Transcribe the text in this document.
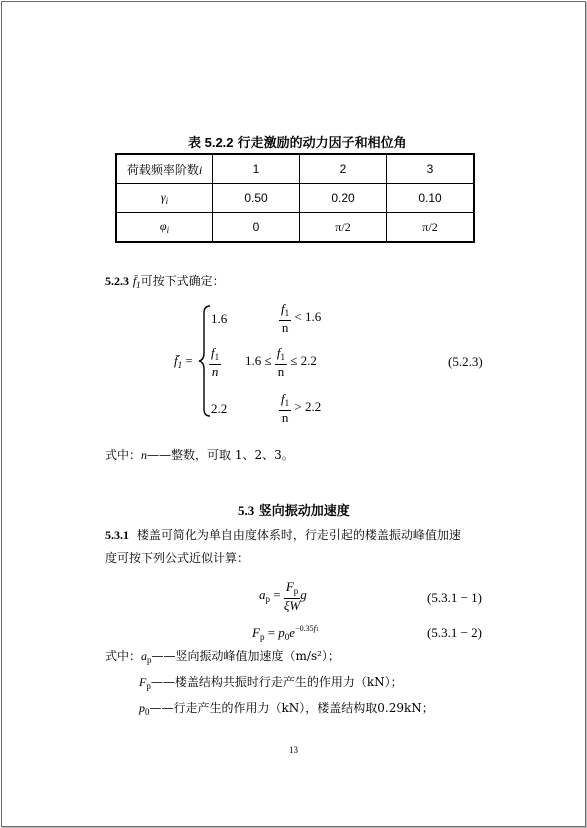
表 5.2.2 行走激励的动力因子和相位角
荷载频率阶数i	1	2	3
$\gamma_i$	0.50	0.20	0.10
$\varphi_i$	0	π/2	π/2
5.2.3 $f̄_1$可按下式确定：
$f̄_1$ =
1.6	$\frac{f_1}{n} < 1.6$
$\frac{f_1}{n} 1.6 \le \frac{f_1}{n} \le 2.2$
2.2	$\frac{f_1}{n} > 2.2$
(5.2.3)
式中：n——整数，可取 1、2、3。
5.3 竖向振动加速度
5.3.1 楼盖可简化为单自由度体系时，行走引起的楼盖振动峰值加速
度可按下列公式近似计算：
$a_p = \frac{F_p}{\xi W}$ g	(5.3.1 − 1)
$F_p = p_0e^{-0.35f1}$	(5.3.1 − 2)
式中：$a_p——$竖向振动峰值加速度（m/s²）；
$F_p——$楼盖结构共振时行走产生的作用力（kN）；
$p_0——$行走产生的作用力（kN），楼盖结构取0.29kN；
13
